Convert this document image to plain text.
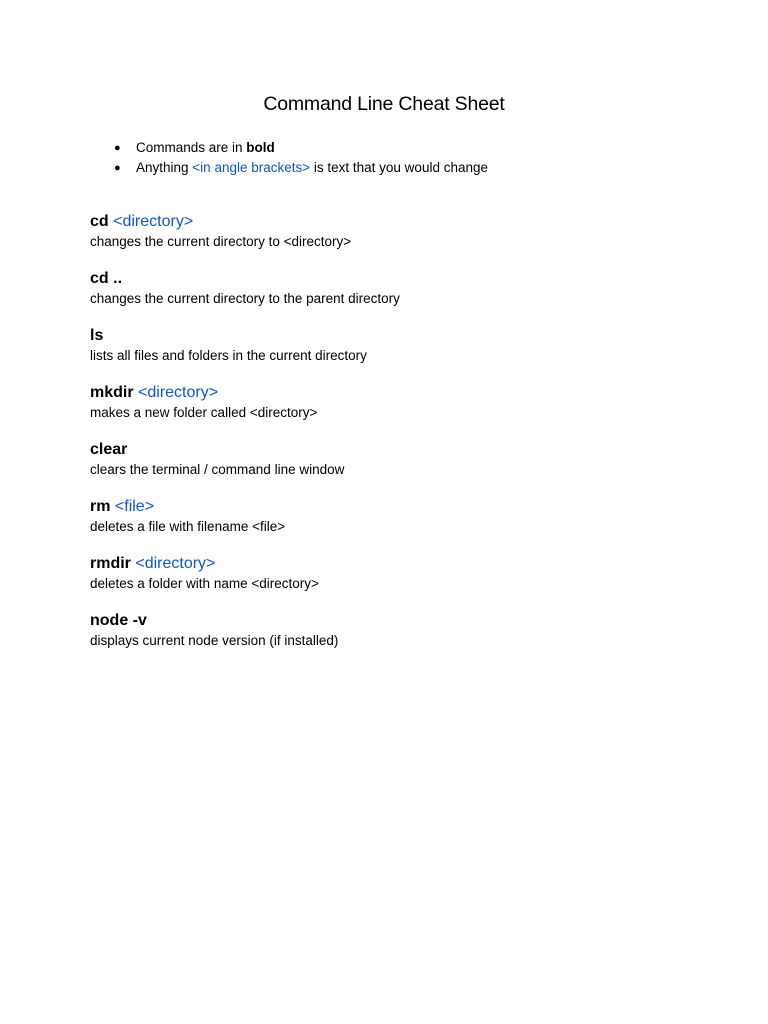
Command Line Cheat Sheet
● Commands are in bold
● Anything <in angle brackets> is text that you would change
cd <directory>
changes the current directory to <directory>
cd ..
changes the current directory to the parent directory
ls
lists all files and folders in the current directory
mkdir <directory>
makes a new folder called <directory>
clear
clears the terminal / command line window
rm <file>
deletes a file with filename <file>
rmdir <directory>
deletes a folder with name <directory>
node -v
displays current node version (if installed)
